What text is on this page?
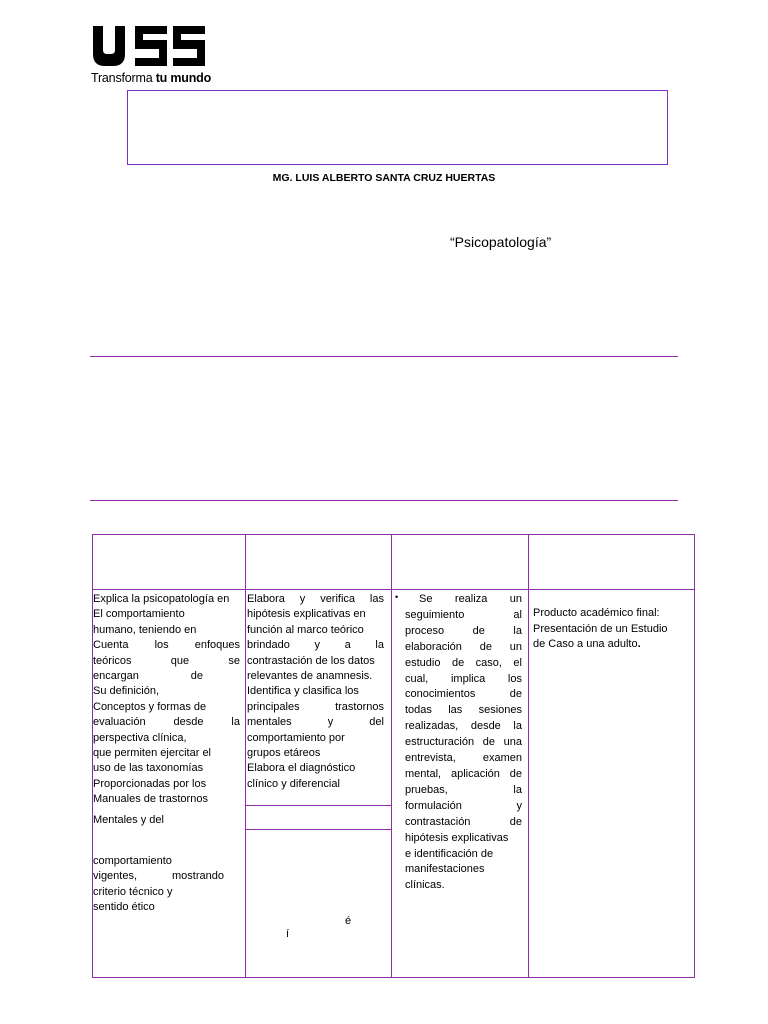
USS
Transforma tu mundo
MG. LUIS ALBERTO SANTA CRUZ HUERTAS
“Psicopatología”
Explica la psicopatología en
El comportamiento
humano, teniendo en
Cuenta los enfoques
teóricos que se
encargan de
Su definición,
Conceptos y formas de
evaluación desde la
perspectiva clínica,
que permiten ejercitar el
uso de las taxonomías
Proporcionadas por los
Manuales de trastornos
Mentales y del
comportamiento
vigentes, mostrando
criterio técnico y
sentido ético
Elabora y verifica las
hipótesis explicativas en
función al marco teórico
brindado y a la
contrastación de los datos
relevantes de anamnesis.
Identifica y clasifica los
principales trastornos
mentales y del
comportamiento por
grupos etáreos
Elabora el diagnóstico
clínico y diferencial
é
í
•	Se realiza un
seguimiento al
proceso de la
elaboración de un
estudio de caso, el
cual, implica los
conocimientos de
todas las sesiones
realizadas, desde la
estructuración de una
entrevista, examen
mental, aplicación de
pruebas, la
formulación y
contrastación de
hipótesis explicativas
e identificación de
manifestaciones
clínicas.
Producto académico final:
Presentación de un Estudio
de Caso a una adulto.
